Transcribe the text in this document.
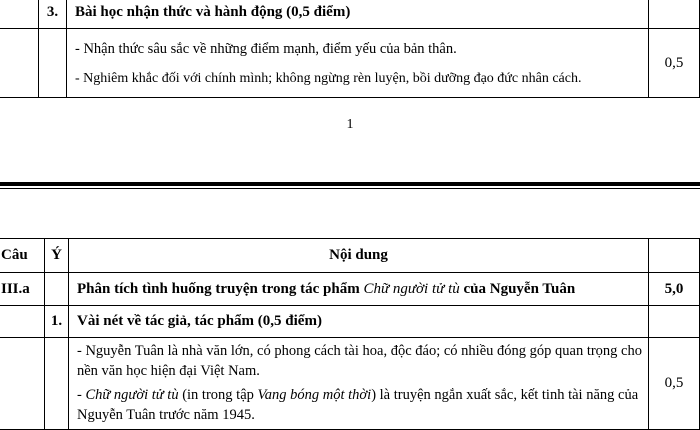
	3.	Bài học nhận thức và hành động (0,5 điểm)	

		- Nhận thức sâu sắc về những điểm mạnh, điểm yếu của bản thân.
- Nghiêm khắc đối với chính mình; không ngừng rèn luyện, bồi dưỡng đạo đức nhân cách.	0,5
1
Câu	Ý	Nội dung	
III.a		Phân tích tình huống truyện trong tác phẩm Chữ người tử tù của Nguyễn Tuân	5,0
	1.	Vài nét về tác giả, tác phẩm (0,5 điểm)	

		- Nguyễn Tuân là nhà văn lớn, có phong cách tài hoa, độc đáo; có nhiều đóng góp quan trọng cho nền văn học hiện đại Việt Nam.
- Chữ người tử tù (in trong tập Vang bóng một thời) là truyện ngắn xuất sắc, kết tinh tài năng của Nguyễn Tuân trước năm 1945.	0,5
